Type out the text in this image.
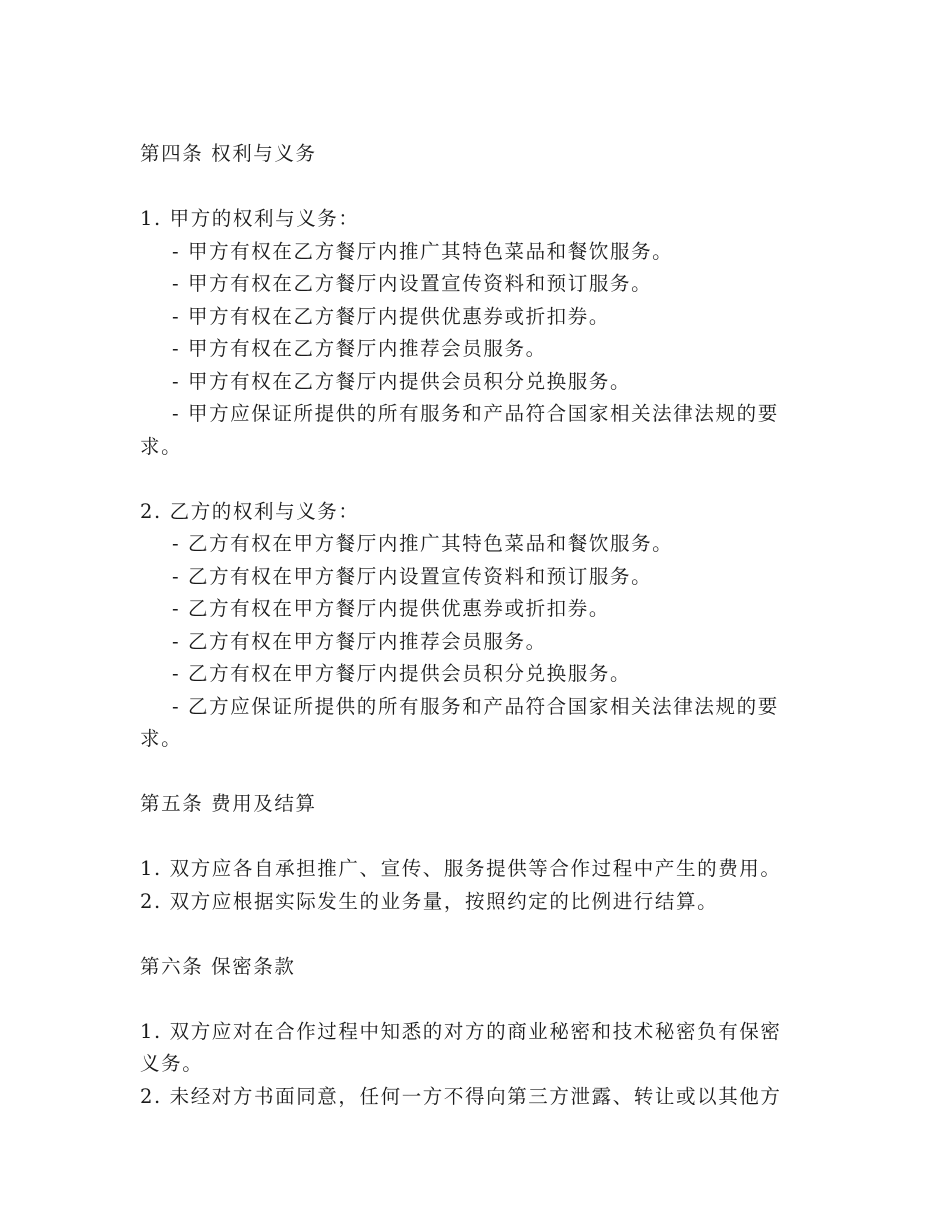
第四条 权利与义务
1. 甲方的权利与义务：
- 甲方有权在乙方餐厅内推广其特色菜品和餐饮服务。
- 甲方有权在乙方餐厅内设置宣传资料和预订服务。
- 甲方有权在乙方餐厅内提供优惠券或折扣券。
- 甲方有权在乙方餐厅内推荐会员服务。
- 甲方有权在乙方餐厅内提供会员积分兑换服务。
- 甲方应保证所提供的所有服务和产品符合国家相关法律法规的要
求。
2. 乙方的权利与义务：
- 乙方有权在甲方餐厅内推广其特色菜品和餐饮服务。
- 乙方有权在甲方餐厅内设置宣传资料和预订服务。
- 乙方有权在甲方餐厅内提供优惠券或折扣券。
- 乙方有权在甲方餐厅内推荐会员服务。
- 乙方有权在甲方餐厅内提供会员积分兑换服务。
- 乙方应保证所提供的所有服务和产品符合国家相关法律法规的要
求。
第五条 费用及结算
1. 双方应各自承担推广、宣传、服务提供等合作过程中产生的费用。
2. 双方应根据实际发生的业务量，按照约定的比例进行结算。
第六条 保密条款
1. 双方应对在合作过程中知悉的对方的商业秘密和技术秘密负有保密
义务。
2. 未经对方书面同意，任何一方不得向第三方泄露、转让或以其他方
